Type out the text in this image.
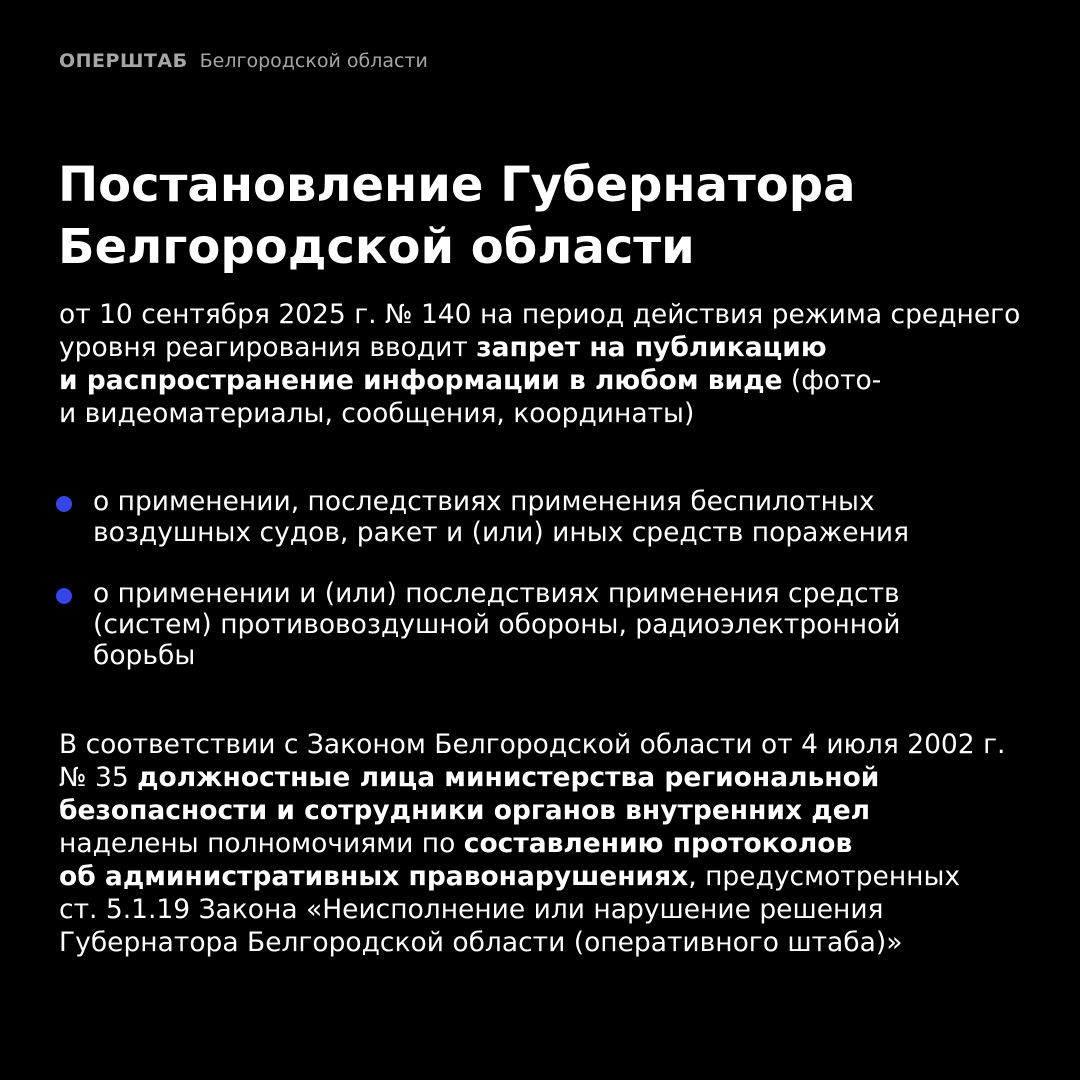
ОПЕРШТАБ Белгородской области
Постановление Губернатора
Белгородской области
от 10 сентября 2025 г. № 140 на период действия режима среднего
уровня реагирования вводит запрет на публикацию
и распространение информации в любом виде (фото-
и видеоматериалы, сообщения, координаты)
о применении, последствиях применения беспилотных
воздушных судов, ракет и (или) иных средств поражения
о применении и (или) последствиях применения средств
(систем) противовоздушной обороны, радиоэлектронной
борьбы
В соответствии с Законом Белгородской области от 4 июля 2002 г.
№ 35 должностные лица министерства региональной
безопасности и сотрудники органов внутренних дел
наделены полномочиями по составлению протоколов
об административных правонарушениях, предусмотренных
ст. 5.1.19 Закона «Неисполнение или нарушение решения
Губернатора Белгородской области (оперативного штаба)»
